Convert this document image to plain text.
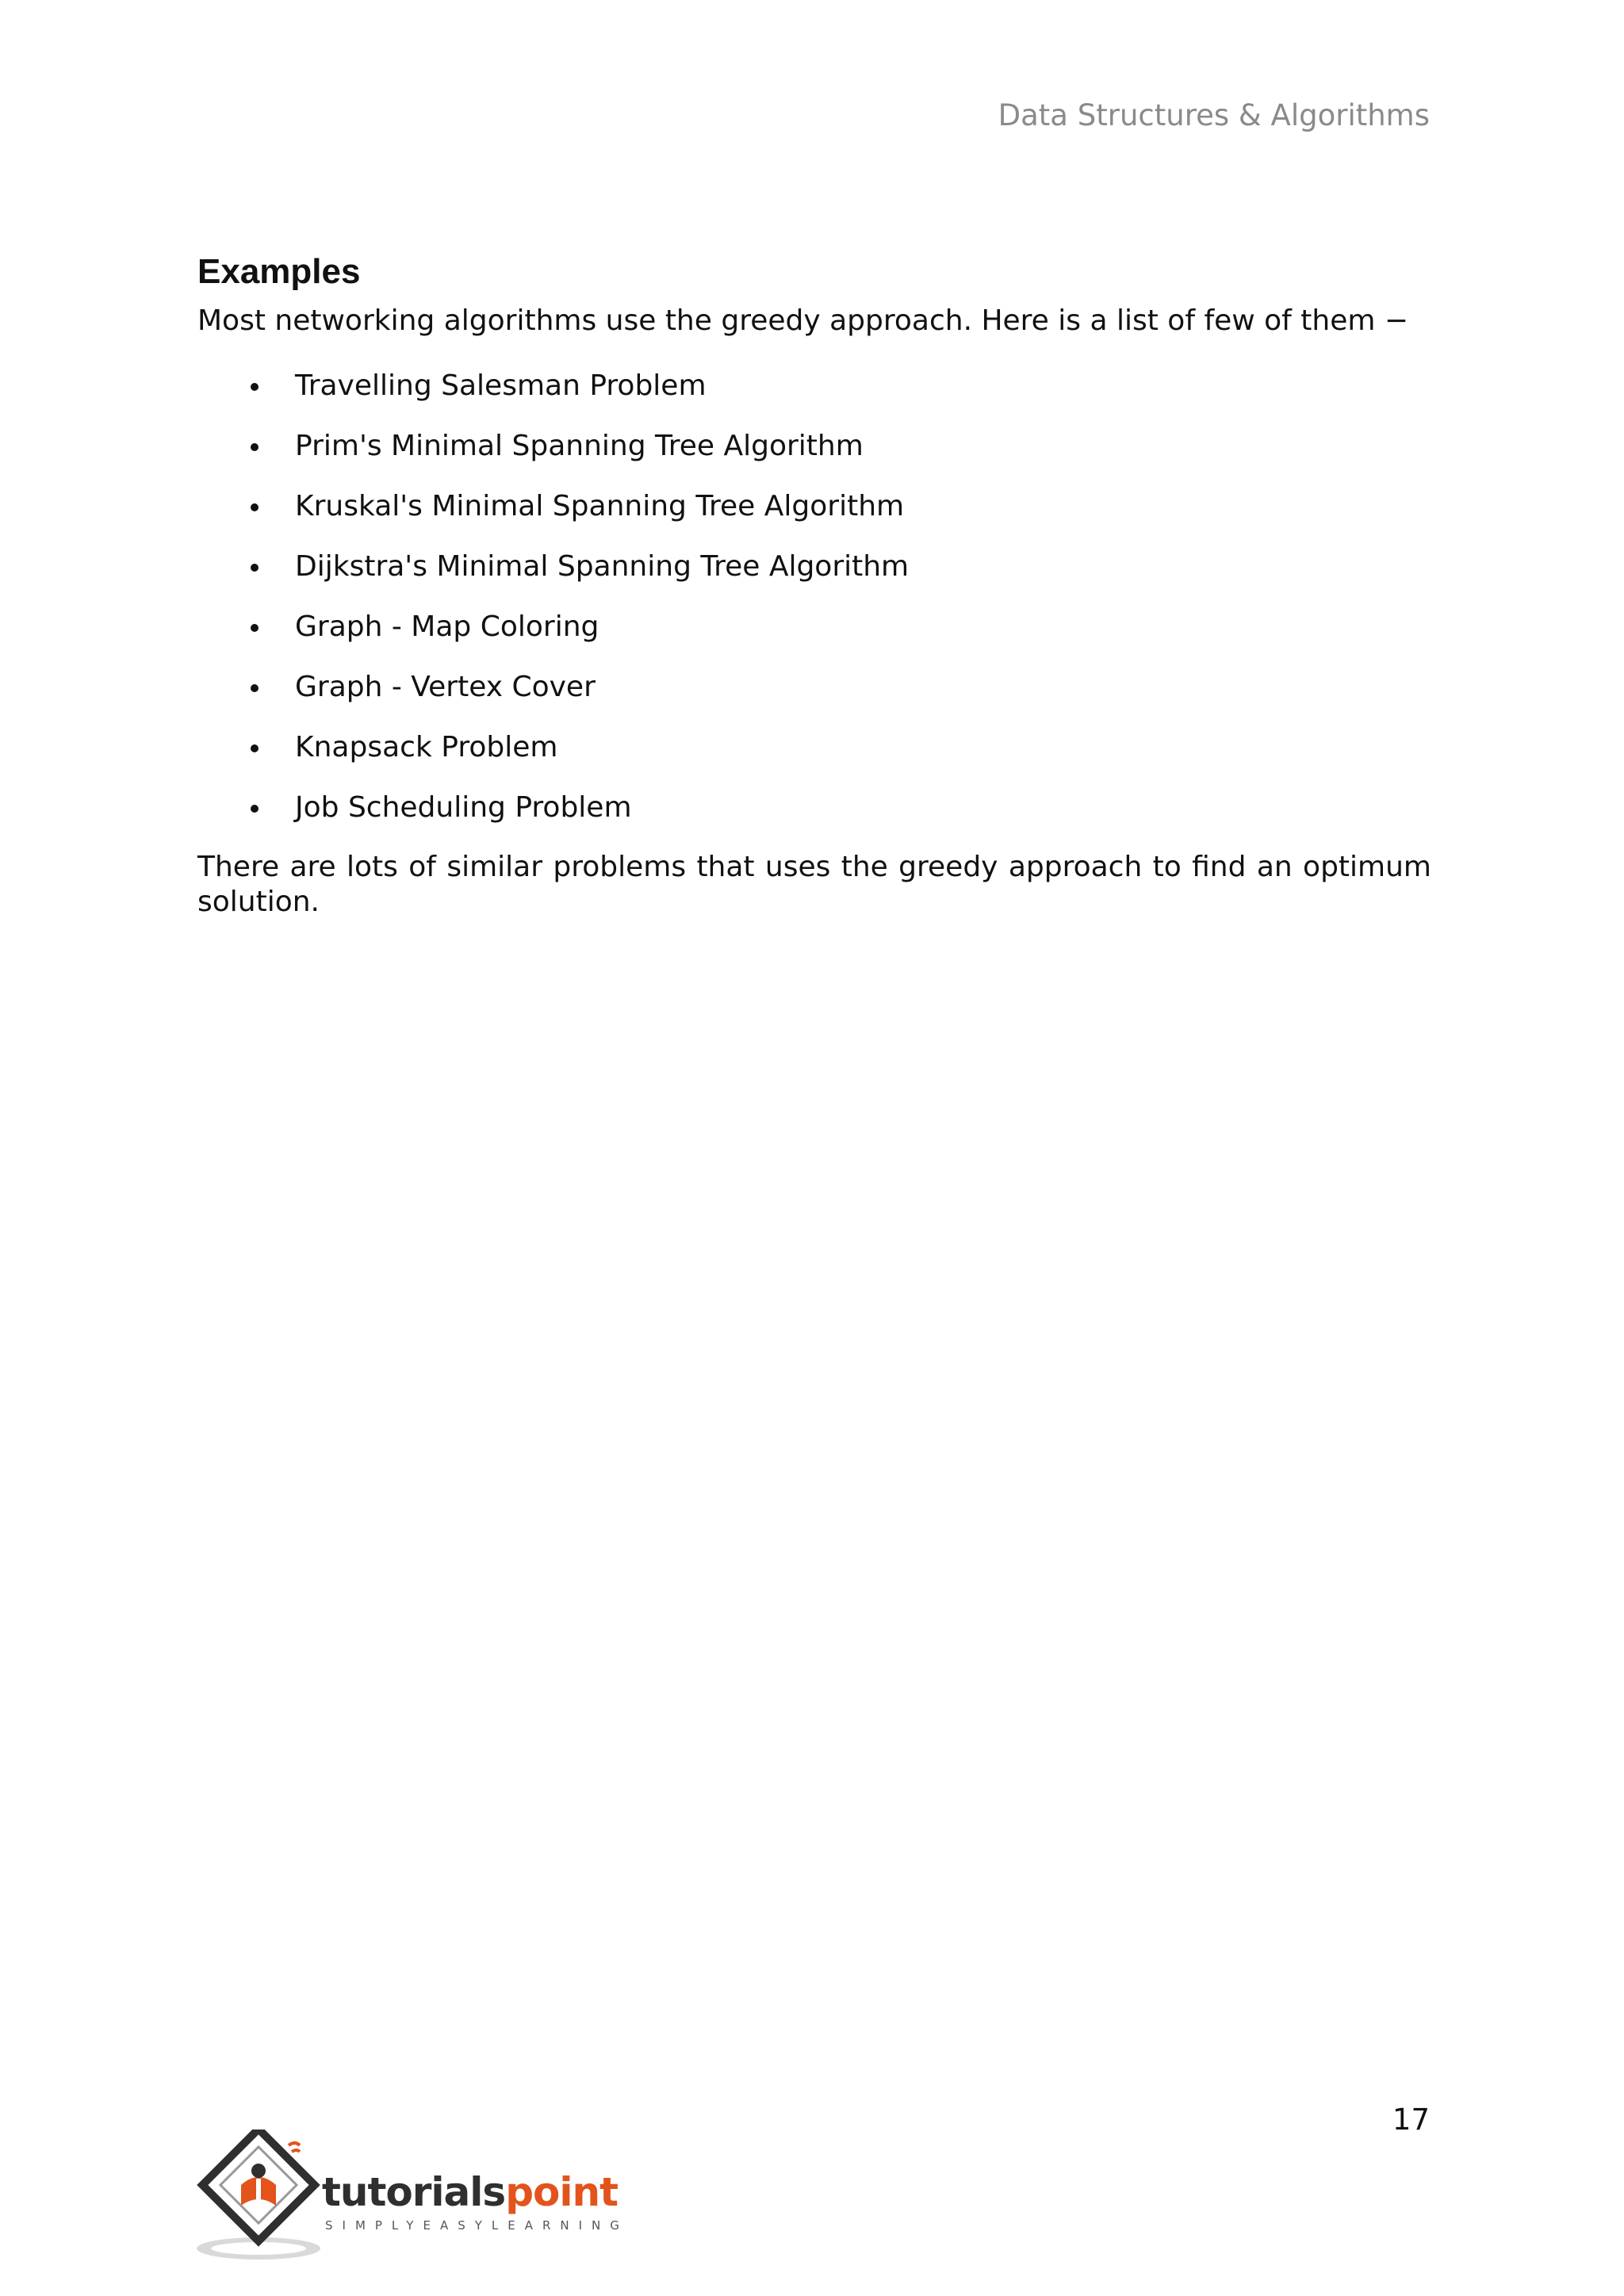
Data Structures & Algorithms
Examples

Most networking algorithms use the greedy approach. Here is a list of few of them −

Travelling Salesman Problem
Prim's Minimal Spanning Tree Algorithm
Kruskal's Minimal Spanning Tree Algorithm
Dijkstra's Minimal Spanning Tree Algorithm
Graph - Map Coloring
Graph - Vertex Cover
Knapsack Problem
Job Scheduling Problem

There are lots of similar problems that uses the greedy approach to find an optimum solution.

17
tutorialspoint
SIMPLYEASYLEARNING
